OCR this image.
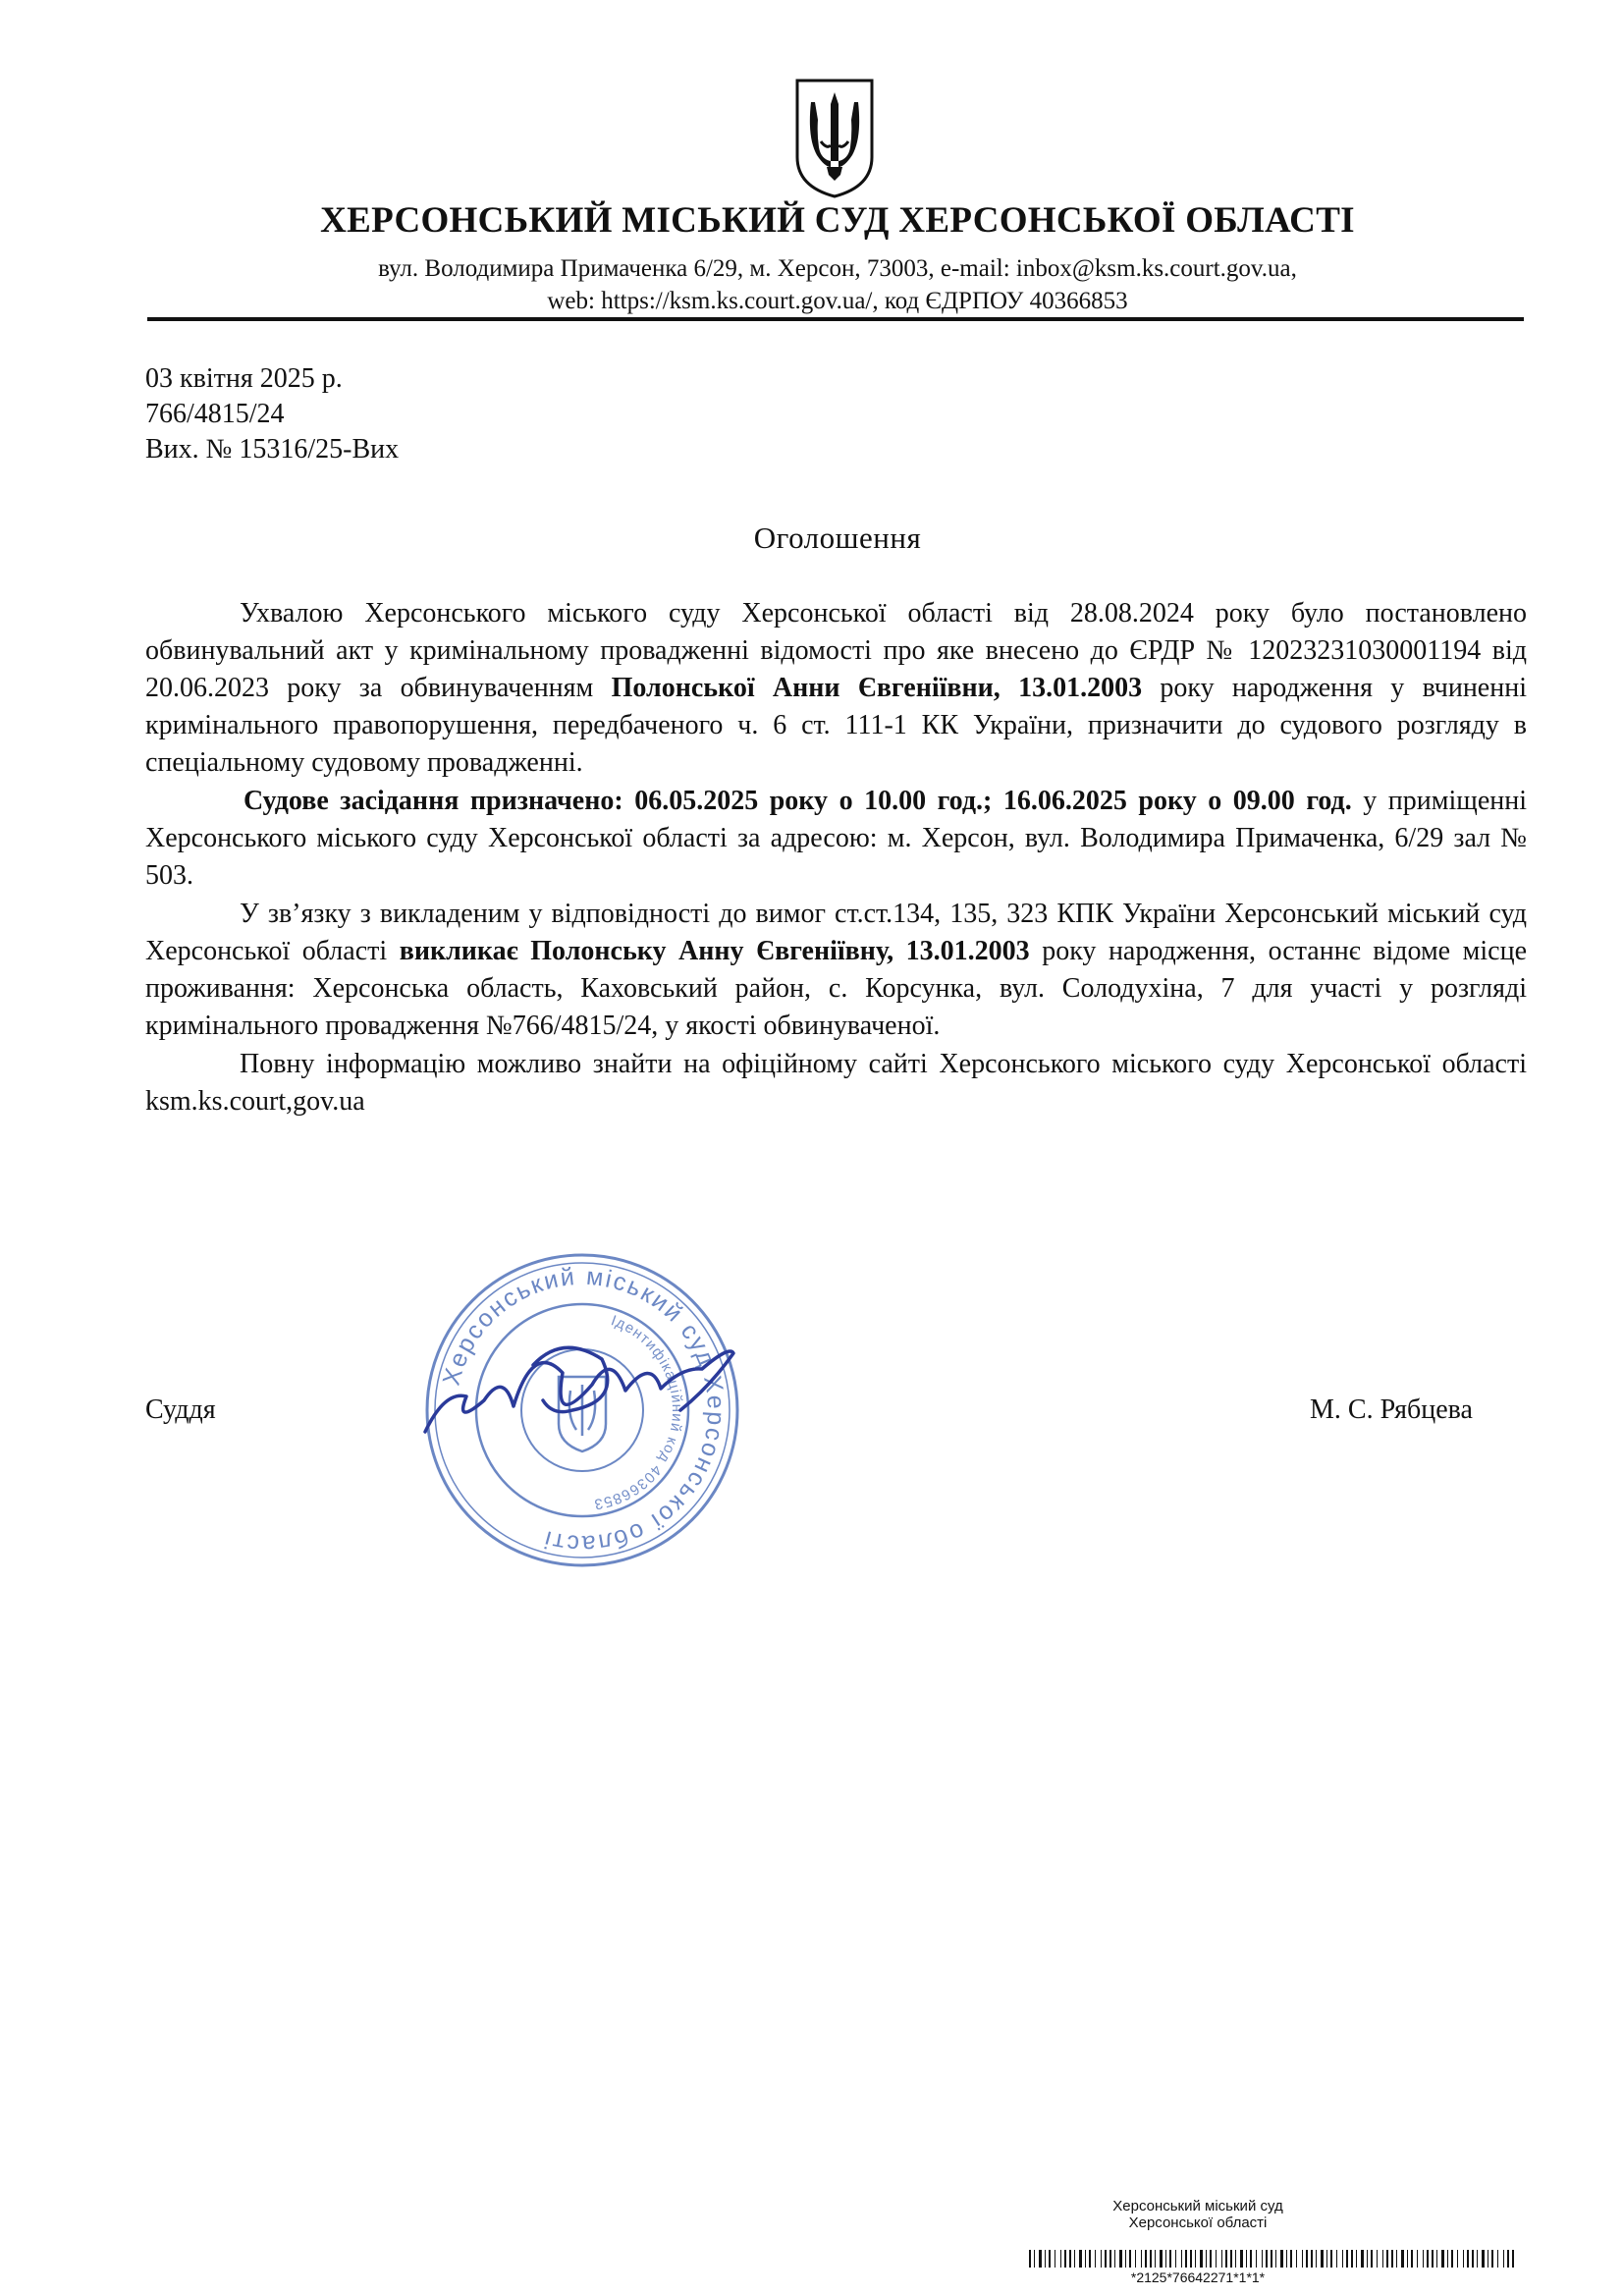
ХЕРСОНСЬКИЙ МІСЬКИЙ СУД ХЕРСОНСЬКОЇ ОБЛАСТІ
вул. Володимира Примаченка 6/29, м. Херсон, 73003, e-mail: inbox@ksm.ks.court.gov.ua,
web: https://ksm.ks.court.gov.ua/, код ЄДРПОУ 40366853
03 квітня 2025 р.
766/4815/24
Вих. № 15316/25-Вих
Оголошення

Ухвалою Херсонського міського суду Херсонської області від 28.08.2024 року було постановлено обвинувальний акт у кримінальному провадженні відомості про яке внесено до ЄРДР № 12023231030001194 від 20.06.2023 року за обвинуваченням Полонської Анни Євгеніївни, 13.01.2003 року народження у вчиненні кримінального правопорушення, передбаченого ч. 6 ст. 111-1 КК України, призначити до судового розгляду в спеціальному судовому провадженні.

Судове засідання призначено: 06.05.2025 року о 10.00 год.; 16.06.2025 року о 09.00 год. у приміщенні Херсонського міського суду Херсонської області за адресою: м. Херсон, вул. Володимира Примаченка, 6/29 зал № 503.

У зв’язку з викладеним у відповідності до вимог ст.ст.134, 135, 323 КПК України Херсонський міський суд Херсонської області викликає Полонську Анну Євгеніївну, 13.01.2003 року народження, останнє відоме місце проживання: Херсонська область, Каховський район, с. Корсунка, вул. Солодухіна, 7 для участі у розгляді кримінального провадження №766/4815/24, у якості обвинуваченої.

Повну інформацію можливо знайти на офіційному сайті Херсонського міського суду Херсонської області ksm.ks.court,gov.ua

Суддя	М. С. Рябцева
Херсонський міський суд Херсонської області
Ідентифікаційний код 40366853
Херсонський міський суд
Херсонської області
*2125*76642271*1*1*
